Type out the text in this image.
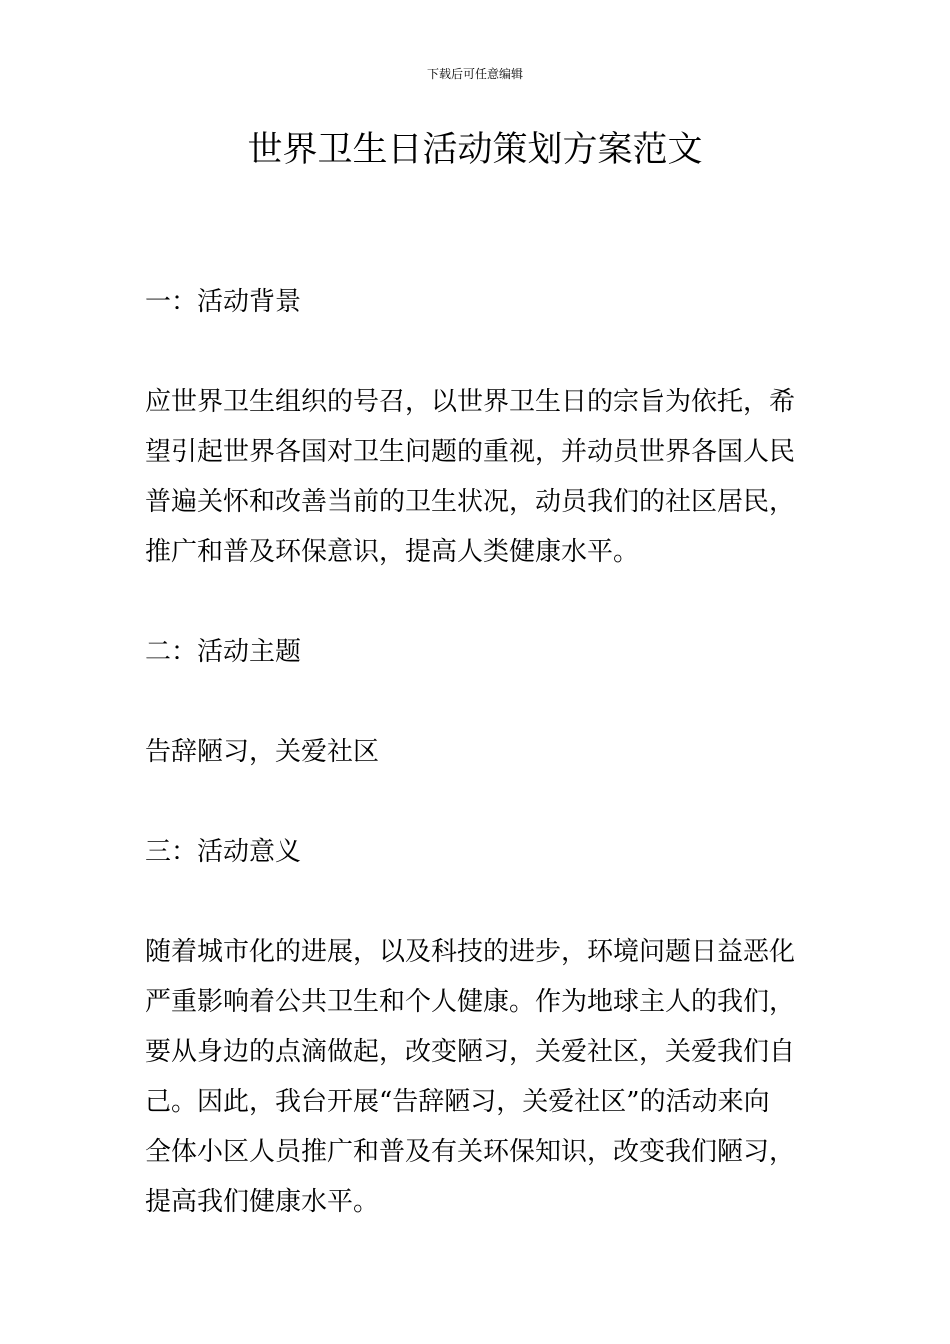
下载后可任意编辑
世界卫生日活动策划方案范文

一：活动背景

应世界卫生组织的号召，以世界卫生日的宗旨为依托，希

望引起世界各国对卫生问题的重视，并动员世界各国人民

普遍关怀和改善当前的卫生状况，动员我们的社区居民，

推广和普及环保意识，提高人类健康水平。

二：活动主题

告辞陋习，关爱社区

三：活动意义

随着城市化的进展，以及科技的进步，环境问题日益恶化

严重影响着公共卫生和个人健康。作为地球主人的我们，

要从身边的点滴做起，改变陋习，关爱社区，关爱我们自

己。因此，我台开展“告辞陋习，关爱社区”的活动来向

全体小区人员推广和普及有关环保知识，改变我们陋习，

提高我们健康水平。
